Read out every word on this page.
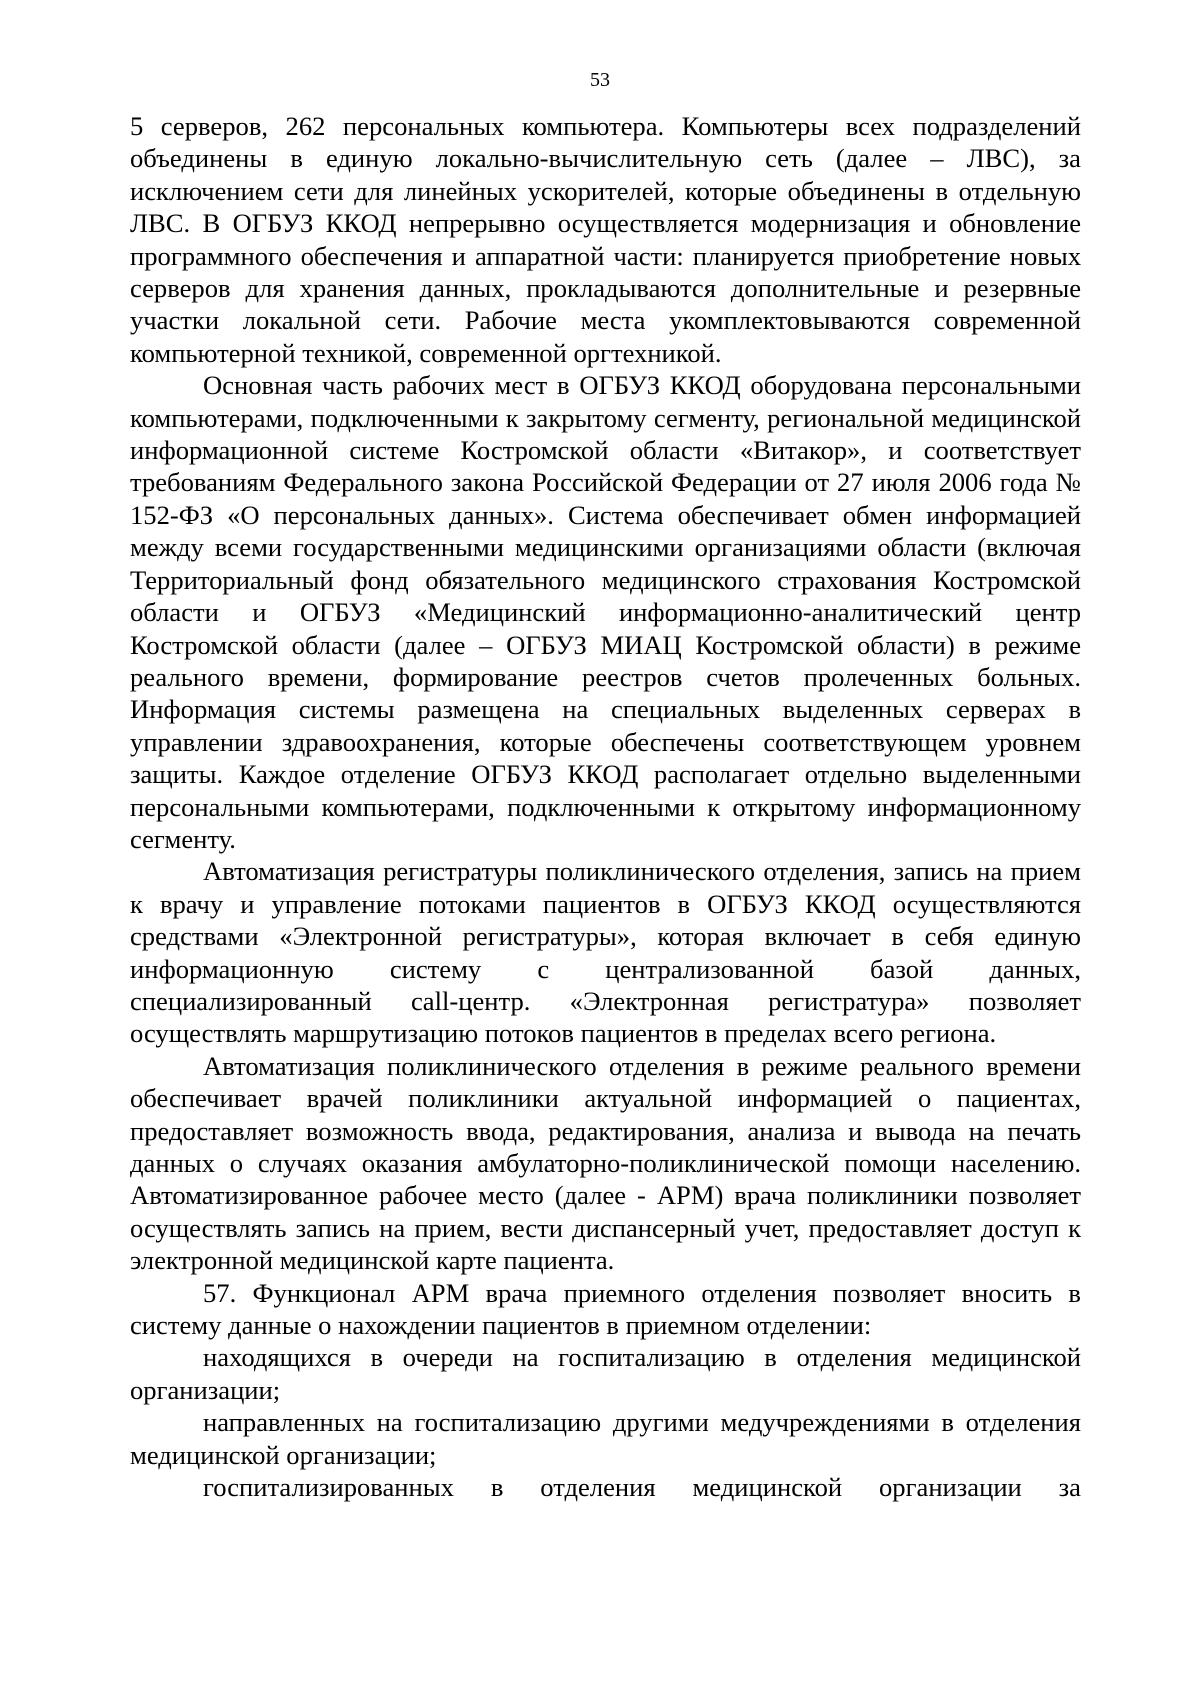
53

5 серверов, 262 персональных компьютера. Компьютеры всех подразделений объединены в единую локально-вычислительную сеть (далее – ЛВС), за исключением сети для линейных ускорителей, которые объединены в отдельную ЛВС. В ОГБУЗ ККОД непрерывно осуществляется модернизация и обновление программного обеспечения и аппаратной части: планируется приобретение новых серверов для хранения данных, прокладываются дополнительные и резервные участки локальной сети. Рабочие места укомплектовываются современной компьютерной техникой, современной оргтехникой.

Основная часть рабочих мест в ОГБУЗ ККОД оборудована персональными компьютерами, подключенными к закрытому сегменту, региональной медицинской информационной системе Костромской области «Витакор», и соответствует требованиям Федерального закона Российской Федерации от 27 июля 2006 года № 152-ФЗ «О персональных данных». Система обеспечивает обмен информацией между всеми государственными медицинскими организациями области (включая Территориальный фонд обязательного медицинского страхования Костромской области и ОГБУЗ «Медицинский информационно-аналитический центр Костромской области (далее – ОГБУЗ МИАЦ Костромской области) в режиме реального времени, формирование реестров счетов пролеченных больных. Информация системы размещена на специальных выделенных серверах в управлении здравоохранения, которые обеспечены соответствующем уровнем защиты. Каждое отделение ОГБУЗ ККОД располагает отдельно выделенными персональными компьютерами, подключенными к открытому информационному сегменту.

Автоматизация регистратуры поликлинического отделения, запись на прием к врачу и управление потоками пациентов в ОГБУЗ ККОД осуществляются средствами «Электронной регистратуры», которая включает в себя единую информационную систему с централизованной базой данных, специализированный call-центр. «Электронная регистратура» позволяет осуществлять маршрутизацию потоков пациентов в пределах всего региона.

Автоматизация поликлинического отделения в режиме реального времени обеспечивает врачей поликлиники актуальной информацией о пациентах, предоставляет возможность ввода, редактирования, анализа и вывода на печать данных о случаях оказания амбулаторно-поликлинической помощи населению. Автоматизированное рабочее место (далее - АРМ) врача поликлиники позволяет осуществлять запись на прием, вести диспансерный учет, предоставляет доступ к электронной медицинской карте пациента.

57. Функционал АРМ врача приемного отделения позволяет вносить в систему данные о нахождении пациентов в приемном отделении:

находящихся в очереди на госпитализацию в отделения медицинской организации;

направленных на госпитализацию другими медучреждениями в отделения медицинской организации;

госпитализированных в отделения медицинской организации за
